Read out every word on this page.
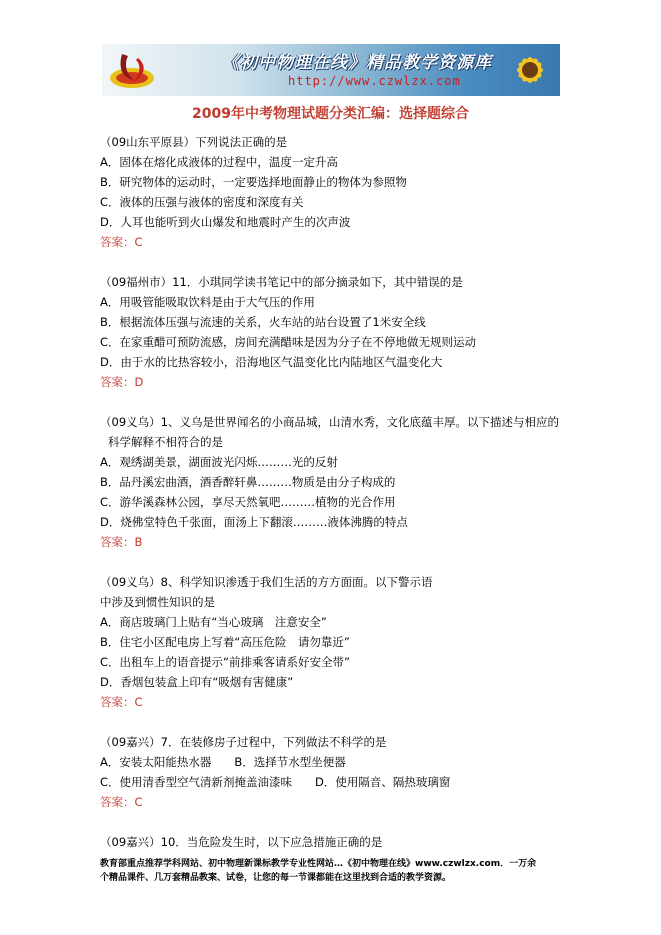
《初中物理在线》精品教学资源库
http://www.czwlzx.com
2009年中考物理试题分类汇编：选择题综合
（09山东平原县）下列说法正确的是
A．固体在熔化成液体的过程中，温度一定升高
B．研究物体的运动时，一定要选择地面静止的物体为参照物
C．液体的压强与液体的密度和深度有关
D．人耳也能听到火山爆发和地震时产生的次声波
答案：C
（09福州市）11．小琪同学读书笔记中的部分摘录如下，其中错误的是
A．用吸管能吸取饮料是由于大气压的作用
B．根据流体压强与流速的关系，火车站的站台设置了1米安全线
C．在家重醋可预防流感，房间充满醋味是因为分子在不停地做无规则运动
D．由于水的比热容较小，沿海地区气温变化比内陆地区气温变化大
答案：D
（09义乌）1、义乌是世界闻名的小商品城，山清水秀，文化底蕴丰厚。以下描述与相应的
科学解释不相符合的是
A．观绣湖美景，湖面波光闪烁………光的反射
B．品丹溪宏曲酒，酒香醉轩鼻………物质是由分子构成的
C．游华溪森林公园，享尽天然氧吧………植物的光合作用
D．烧佛堂特色千张面，面汤上下翻滚………液体沸腾的特点
答案：B
（09义乌）8、科学知识渗透于我们生活的方方面面。以下警示语
中涉及到惯性知识的是
A．商店玻璃门上贴有“当心玻璃　注意安全”
B．住宅小区配电房上写着“高压危险　请勿靠近”
C．出租车上的语音提示“前排乘客请系好安全带”
D．香烟包装盒上印有“吸烟有害健康”
答案：C
（09嘉兴）7．在装修房子过程中，下列做法不科学的是
A．安装太阳能热水器　　B．选择节水型坐便器
C．使用清香型空气清新剂掩盖油漆味　　D．使用隔音、隔热玻璃窗
答案：C
（09嘉兴）10．当危险发生时，以下应急措施正确的是
教育部重点推荐学科网站、初中物理新课标教学专业性网站…《初中物理在线》www.czwlzx.com．一万余
个精品课件、几万套精品教案、试卷，让您的每一节课都能在这里找到合适的教学资源。
